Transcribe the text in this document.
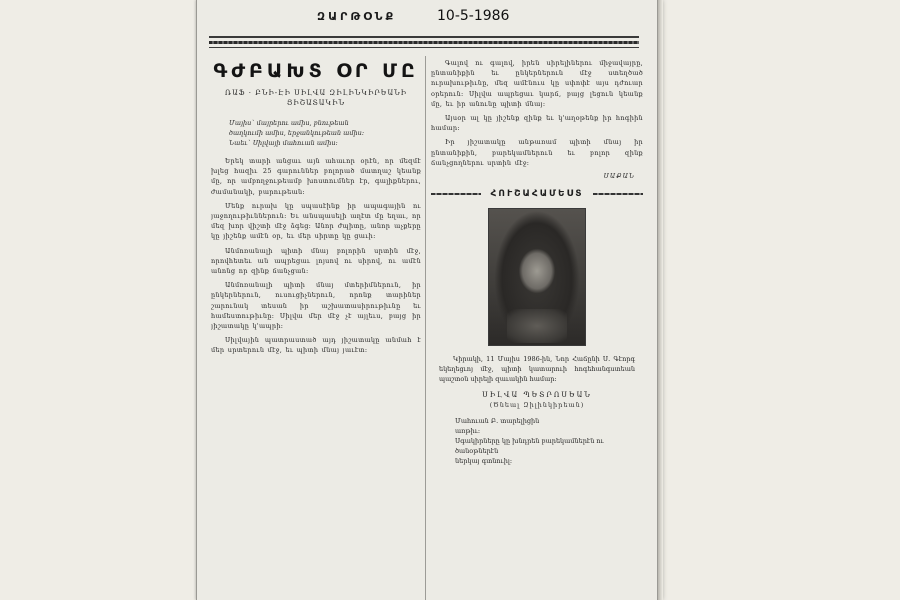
ԶԱՐԹՕՆՔ	10-5-1986
ԳԺԲԱԽՏ ՕՐ ՄԸ
ՌԱՖ · ԲՆԻ-ԷԻ ՍԻԼՎԱ ԶԻԼԻՆԿԻՐԵԱՆԻ
ՅԻՇԱՏԱԿԻՆ
Մայիս` մայրերու ամիս, բնութեան
ծաղկումի ամիս, երջանկութեան ամիս:
Նաեւ` Սիլվայի մահուան ամիս:

Երեկ տարի անցաւ այն ահաւոր օրէն, որ մեզմէ խլեց հազիւ 25 գարուններ բոլորած մատղաշ կեանք մը, որ ամբողջութեամբ խոստումներ էր, գալիքներու, ժամանակի, բարութեան:

Մենք ուրախ կը սպասէինք իր ապագային ու յաջողութիւններուն: Եւ անսպասելի աղէտ մը եղաւ, որ մեզ խոր վիշտի մէջ ձգեց: Անոր ժպիտը, անոր աչքերը կը յիշենք ամէն օր, եւ մեր սիրտը կը ցաւի:

Անմոռանալի պիտի մնայ բոլորին սրտին մէջ, որովհետեւ ան ապրեցաւ լոյսով ու սիրով, ու ամէն անոնց որ զինք ճանչցան:

Անմոռանալի պիտի մնայ մտերիմներուն, իր ընկերներուն, ուսուցիչներուն, որոնք տարիներ շարունակ տեսան իր աշխատասիրութիւնը եւ համեստութիւնը: Սիլվա մեր մէջ չէ այլեւս, բայց իր յիշատակը կ'ապրի:

Սիլվային պատրաստած այդ յիշատակը անմահ է մեր սրտերուն մէջ, եւ պիտի մնայ յաւէտ:

Գալով ու գալով, իրեն սիրելիներու միջավայրը, ընտանիքին եւ ընկերներուն մէջ ստեղծած ուրախութիւնը, մեզ ամէնուս կը սփոփէ այս դժուար օրերուն: Սիլվա ապրեցաւ կարճ, բայց լեցուն կեանք մը, եւ իր անունը պիտի մնայ:

Այսօր ալ կը յիշենք զինք եւ կ'աղօթենք իր հոգիին համար:

Իր յիշատակը անթառամ պիտի մնայ իր ընտանիքին, բարեկամներուն եւ բոլոր զինք ճանչցողներու սրտին մէջ:

ՍԱՔԱՆ
ՀՈՒՇԱՀԱՄԵՍՏ

Կիրակի, 11 Մայիս 1986-ին, Նոր Հաճընի Ս. Գէորգ եկեղեցւոյ մէջ, պիտի կատարուի հոգեհանգստեան պաշտօն սիրելի զաւակին համար:

ՍԻԼՎԱ ՊԵՏՐՈՍԵԱՆ
(Ծնեալ Զիլինկիրեան)
Մահուան Բ. տարելիցին
առթիւ:
Սգակիրները կը խնդրեն բարեկամներէն ու ծանօթներէն
ներկայ գտնուիլ:
